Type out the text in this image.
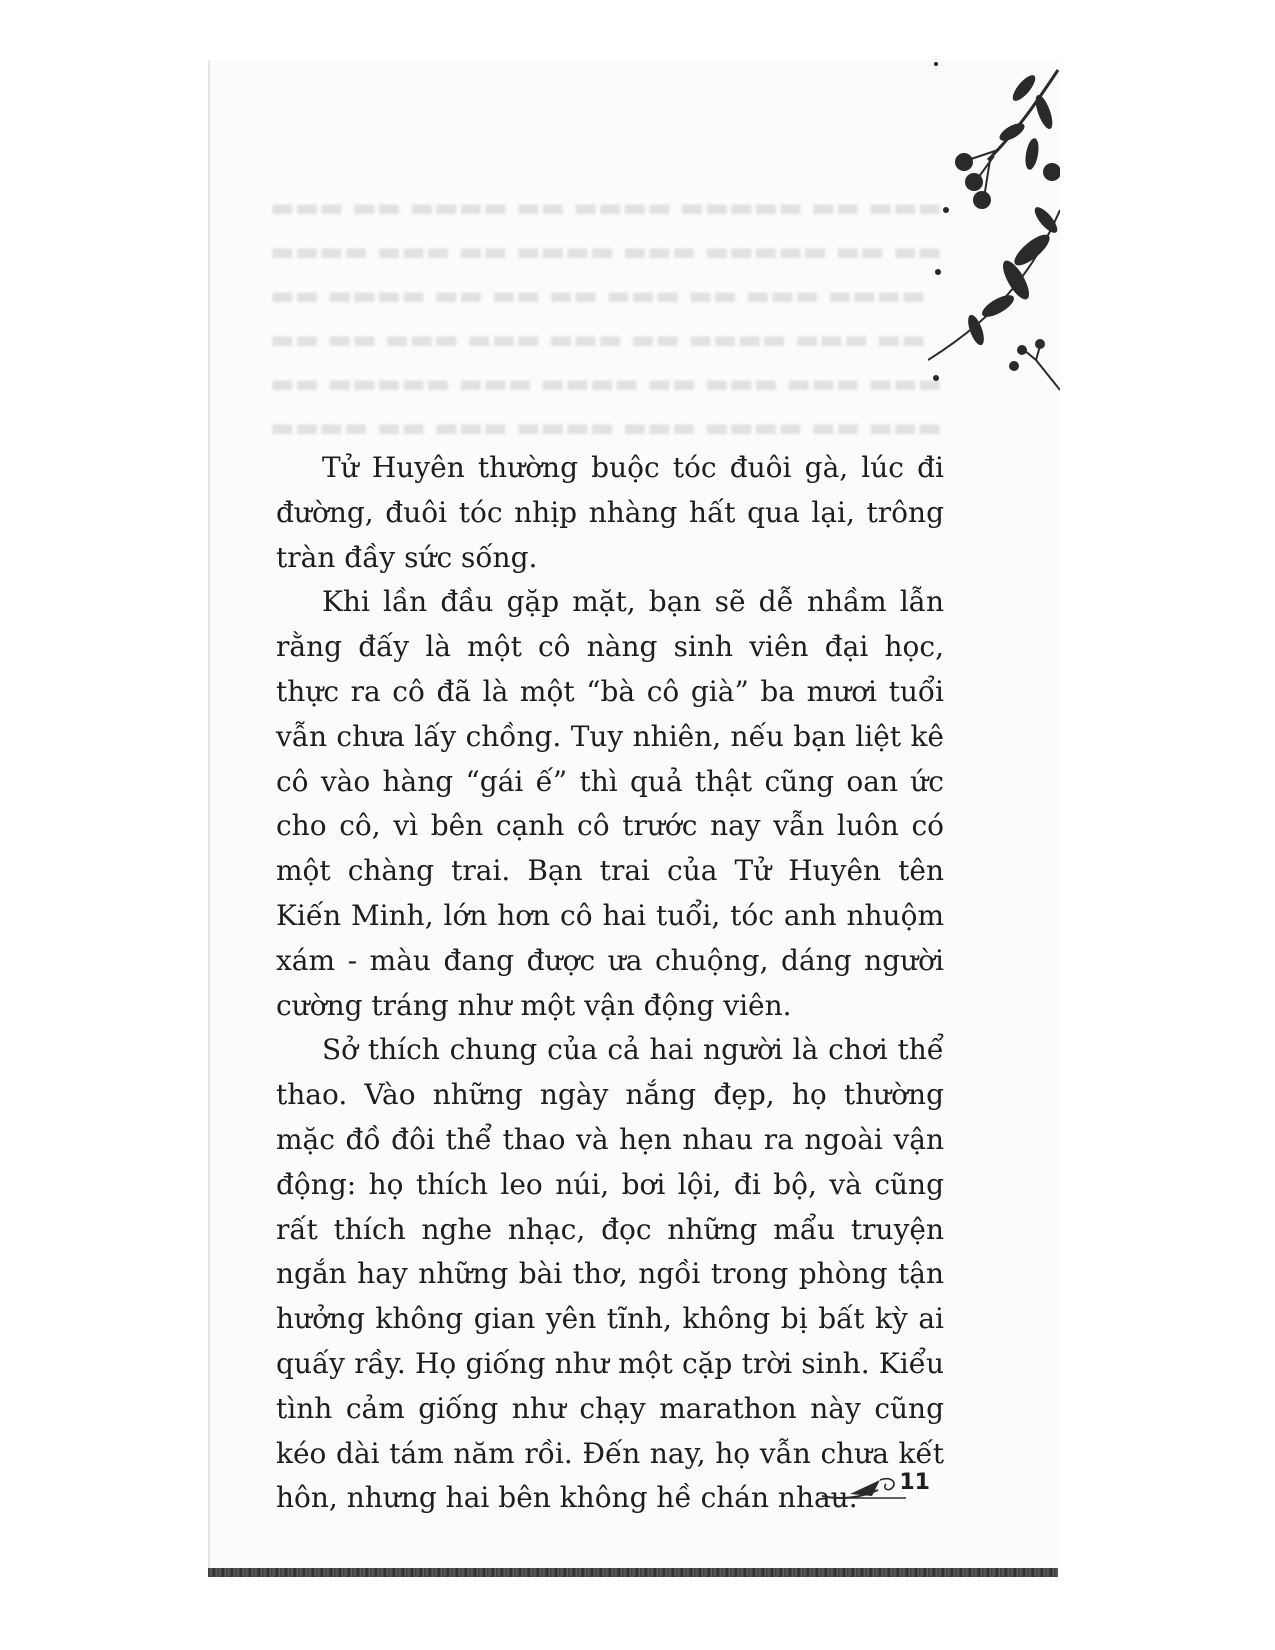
▬▬▬ ▬▬ ▬▬▬▬ ▬▬ ▬▬▬▬ ▬▬▬▬▬ ▬▬ ▬▬▬
▬▬▬▬ ▬▬▬ ▬▬ ▬▬▬▬ ▬▬▬ ▬▬▬▬▬ ▬▬ ▬▬
▬▬ ▬▬▬▬ ▬▬ ▬▬ ▬▬ ▬▬▬ ▬▬ ▬▬▬ ▬▬▬▬
▬▬ ▬▬ ▬▬▬ ▬▬▬ ▬▬▬ ▬▬ ▬▬▬▬ ▬▬▬ ▬▬
▬▬ ▬▬▬▬▬ ▬▬▬ ▬▬▬▬ ▬▬ ▬▬▬ ▬▬▬ ▬▬▬
▬▬▬▬ ▬▬ ▬▬▬ ▬▬▬▬ ▬▬▬ ▬▬▬▬ ▬▬ ▬▬▬

Tử Huyên thường buộc tóc đuôi gà, lúc đi đường, đuôi tóc nhịp nhàng hất qua lại, trông tràn đầy sức sống.

Khi lần đầu gặp mặt, bạn sẽ dễ nhầm lẫn rằng đấy là một cô nàng sinh viên đại học, thực ra cô đã là một “bà cô già” ba mươi tuổi vẫn chưa lấy chồng. Tuy nhiên, nếu bạn liệt kê cô vào hàng “gái ế” thì quả thật cũng oan ức cho cô, vì bên cạnh cô trước nay vẫn luôn có một chàng trai. Bạn trai của Tử Huyên tên Kiến Minh, lớn hơn cô hai tuổi, tóc anh nhuộm xám - màu đang được ưa chuộng, dáng người cường tráng như một vận động viên.

Sở thích chung của cả hai người là chơi thể thao. Vào những ngày nắng đẹp, họ thường mặc đồ đôi thể thao và hẹn nhau ra ngoài vận động: họ thích leo núi, bơi lội, đi bộ, và cũng rất thích nghe nhạc, đọc những mẩu truyện ngắn hay những bài thơ, ngồi trong phòng tận hưởng không gian yên tĩnh, không bị bất kỳ ai quấy rầy. Họ giống như một cặp trời sinh. Kiểu tình cảm giống như chạy marathon này cũng kéo dài tám năm rồi. Đến nay, họ vẫn chưa kết hôn, nhưng hai bên không hề chán nhau.	11
